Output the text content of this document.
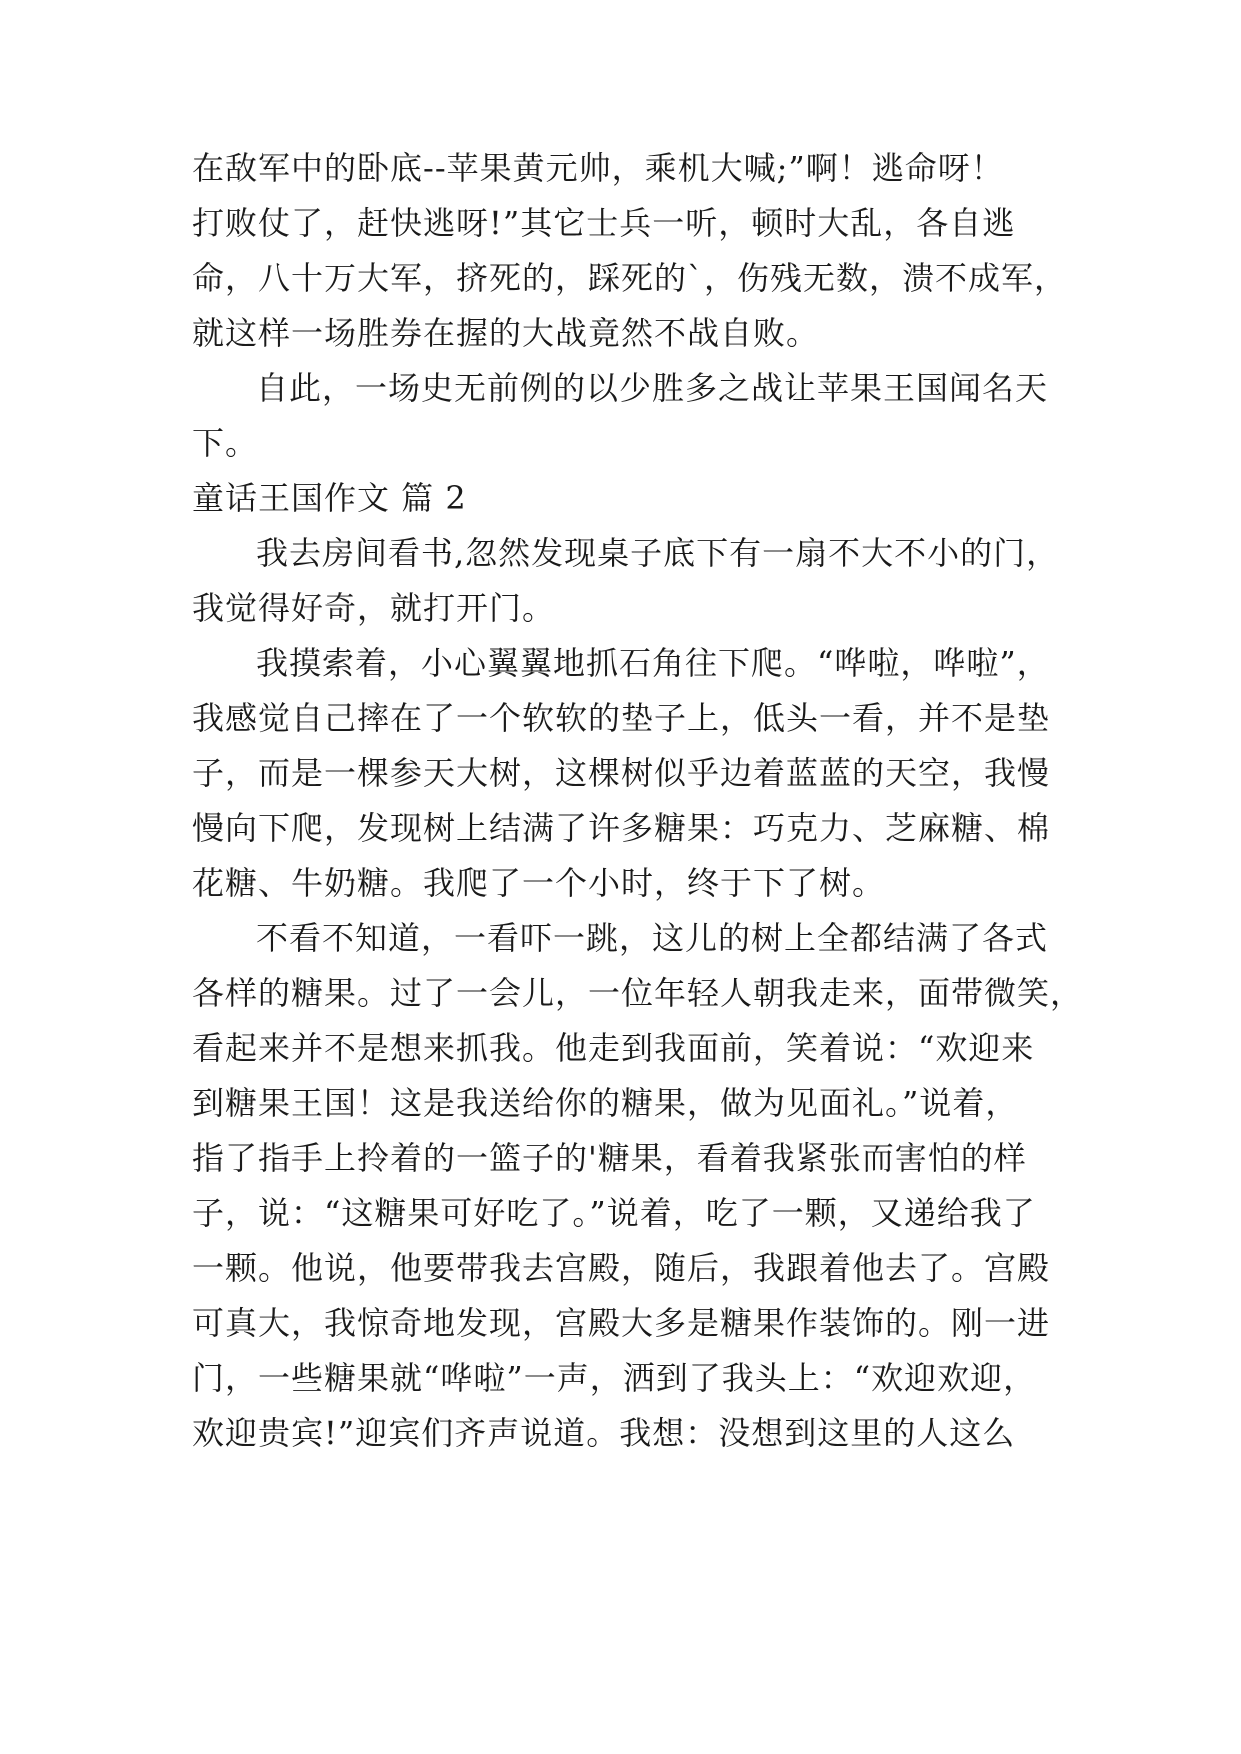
在敌军中的卧底--苹果黄元帅，乘机大喊;”啊！逃命呀！
打败仗了，赶快逃呀!”其它士兵一听，顿时大乱，各自逃
命，八十万大军，挤死的，踩死的`，伤残无数，溃不成军，
就这样一场胜券在握的大战竟然不战自败。
自此，一场史无前例的以少胜多之战让苹果王国闻名天
下。
童话王国作文 篇 2
我去房间看书,忽然发现桌子底下有一扇不大不小的门，
我觉得好奇，就打开门。
我摸索着，小心翼翼地抓石角往下爬。“哗啦，哗啦”，
我感觉自己摔在了一个软软的垫子上，低头一看，并不是垫
子，而是一棵参天大树，这棵树似乎边着蓝蓝的天空，我慢
慢向下爬，发现树上结满了许多糖果：巧克力、芝麻糖、棉
花糖、牛奶糖。我爬了一个小时，终于下了树。
不看不知道，一看吓一跳，这儿的树上全都结满了各式
各样的糖果。过了一会儿，一位年轻人朝我走来，面带微笑，
看起来并不是想来抓我。他走到我面前，笑着说：“欢迎来
到糖果王国！这是我送给你的糖果，做为见面礼。”说着，
指了指手上拎着的一篮子的'糖果，看着我紧张而害怕的样
子，说：“这糖果可好吃了。”说着，吃了一颗，又递给我了
一颗。他说，他要带我去宫殿，随后，我跟着他去了。宫殿
可真大，我惊奇地发现，宫殿大多是糖果作装饰的。刚一进
门，一些糖果就“哗啦”一声，洒到了我头上：“欢迎欢迎，
欢迎贵宾!”迎宾们齐声说道。我想：没想到这里的人这么
